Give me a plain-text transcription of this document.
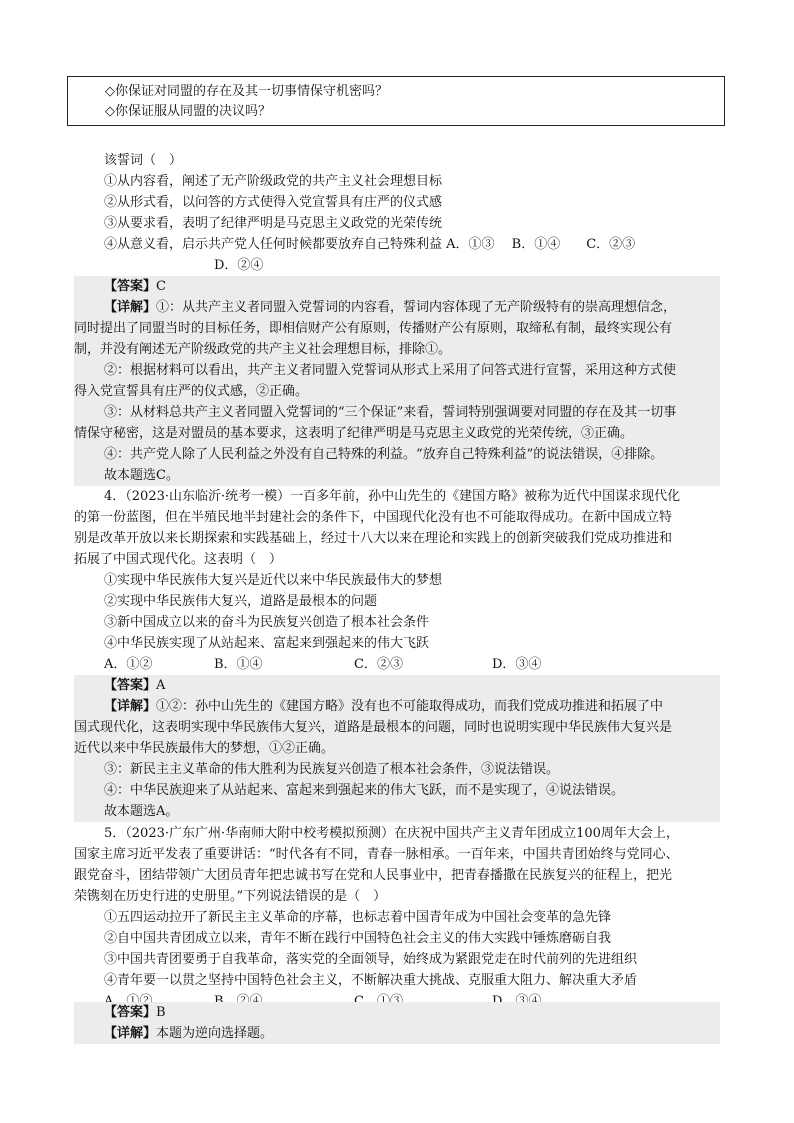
◇你保证对同盟的存在及其一切事情保守机密吗？
◇你保证服从同盟的决议吗？
该誓词（　）
①从内容看，阐述了无产阶级政党的共产主义社会理想目标
②从形式看，以问答的方式使得入党宣誓具有庄严的仪式感
③从要求看，表明了纪律严明是马克思主义政党的光荣传统
④从意义看，启示共产党人任何时候都要放弃自己特殊利益 A．①③　 B．①④　　C．②③
D．②④
【答案】C
【详解】①：从共产主义者同盟入党誓词的内容看，誓词内容体现了无产阶级特有的崇高理想信念，
同时提出了同盟当时的目标任务，即相信财产公有原则，传播财产公有原则，取缔私有制，最终实现公有
制，并没有阐述无产阶级政党的共产主义社会理想目标，排除①。
②：根据材料可以看出，共产主义者同盟入党誓词从形式上采用了问答式进行宣誓，采用这种方式使
得入党宣誓具有庄严的仪式感，②正确。
③：从材料总共产主义者同盟入党誓词的“三个保证”来看，誓词特别强调要对同盟的存在及其一切事
情保守秘密，这是对盟员的基本要求，这表明了纪律严明是马克思主义政党的光荣传统，③正确。
④：共产党人除了人民利益之外没有自己特殊的利益。“放弃自己特殊利益”的说法错误，④排除。
故本题选C。
4．（2023·山东临沂·统考一模）一百多年前，孙中山先生的《建国方略》被称为近代中国谋求现代化
的第一份蓝图，但在半殖民地半封建社会的条件下，中国现代化没有也不可能取得成功。在新中国成立特
别是改革开放以来长期探索和实践基础上，经过十八大以来在理论和实践上的创新突破我们党成功推进和
拓展了中国式现代化。这表明（　）
①实现中华民族伟大复兴是近代以来中华民族最伟大的梦想
②实现中华民族伟大复兴，道路是最根本的问题
③新中国成立以来的奋斗为民族复兴创造了根本社会条件
④中华民族实现了从站起来、富起来到强起来的伟大飞跃
A．①②	B．①④	C．②③	D．③④
【答案】A
【详解】①②：孙中山先生的《建国方略》没有也不可能取得成功，而我们党成功推进和拓展了中
国式现代化，这表明实现中华民族伟大复兴，道路是最根本的问题，同时也说明实现中华民族伟大复兴是
近代以来中华民族最伟大的梦想，①②正确。
③：新民主主义革命的伟大胜利为民族复兴创造了根本社会条件，③说法错误。
④：中华民族迎来了从站起来、富起来到强起来的伟大飞跃，而不是实现了，④说法错误。
故本题选A。
5．（2023·广东广州·华南师大附中校考模拟预测）在庆祝中国共产主义青年团成立100周年大会上，
国家主席习近平发表了重要讲话：“时代各有不同，青春一脉相承。一百年来，中国共青团始终与党同心、
跟党奋斗，团结带领广大团员青年把忠诚书写在党和人民事业中，把青春播撒在民族复兴的征程上，把光
荣镌刻在历史行进的史册里。”下列说法错误的是（　）
①五四运动拉开了新民主主义革命的序幕，也标志着中国青年成为中国社会变革的急先锋
②自中国共青团成立以来，青年不断在践行中国特色社会主义的伟大实践中锤炼磨砺自我
③中国共青团要勇于自我革命，落实党的全面领导，始终成为紧跟党走在时代前列的先进组织
④青年要一以贯之坚持中国特色社会主义，不断解决重大挑战、克服重大阻力、解决重大矛盾
【答案】B
【详解】本题为逆向选择题。
